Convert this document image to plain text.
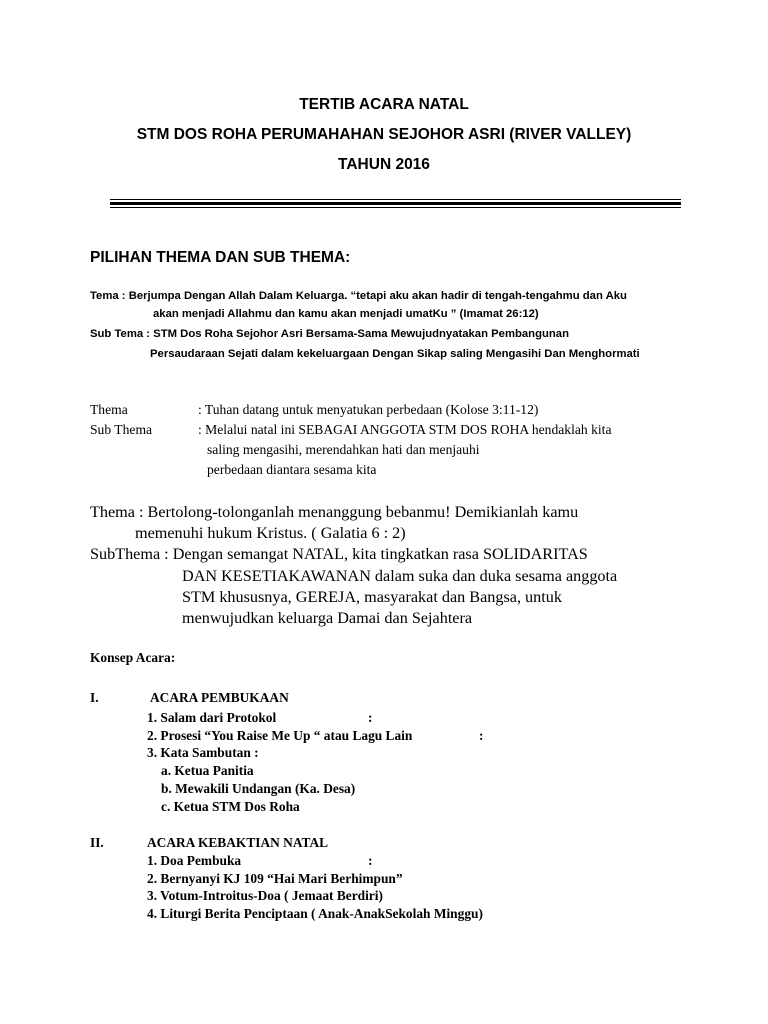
TERTIB ACARA NATAL
STM DOS ROHA PERUMAHAHAN SEJOHOR ASRI (RIVER VALLEY)
TAHUN 2016
PILIHAN THEMA DAN SUB THEMA:
Tema : Berjumpa Dengan Allah Dalam Keluarga. “tetapi aku akan hadir di tengah-tengahmu dan Aku
akan menjadi Allahmu dan kamu akan menjadi umatKu ” (Imamat 26:12)
Sub Tema : STM Dos Roha Sejohor Asri Bersama-Sama Mewujudnyatakan Pembangunan
Persaudaraan Sejati dalam kekeluargaan Dengan Sikap saling Mengasihi Dan Menghormati
Thema	: Tuhan datang untuk menyatukan perbedaan (Kolose 3:11-12)
Sub Thema	: Melalui natal ini SEBAGAI ANGGOTA STM DOS ROHA hendaklah kita
saling mengasihi, merendahkan hati dan menjauhi
perbedaan diantara sesama kita
Thema : Bertolong-tolonganlah menanggung bebanmu! Demikianlah kamu
memenuhi hukum Kristus. ( Galatia 6 : 2)
SubThema : Dengan semangat NATAL, kita tingkatkan rasa SOLIDARITAS
DAN KESETIAKAWANAN dalam suka dan duka sesama anggota
STM khususnya, GEREJA, masyarakat dan Bangsa, untuk
menwujudkan keluarga Damai dan Sejahtera
Konsep Acara:
I.	ACARA PEMBUKAAN
1. Salam dari Protokol	:
2. Prosesi “You Raise Me Up “ atau Lagu Lain	:
3. Kata Sambutan :
a. Ketua Panitia
b. Mewakili Undangan (Ka. Desa)
c. Ketua STM Dos Roha
II.	ACARA KEBAKTIAN NATAL
1. Doa Pembuka	:
2. Bernyanyi KJ 109 “Hai Mari Berhimpun”
3. Votum-Introitus-Doa ( Jemaat Berdiri)
4. Liturgi Berita Penciptaan ( Anak-AnakSekolah Minggu)
